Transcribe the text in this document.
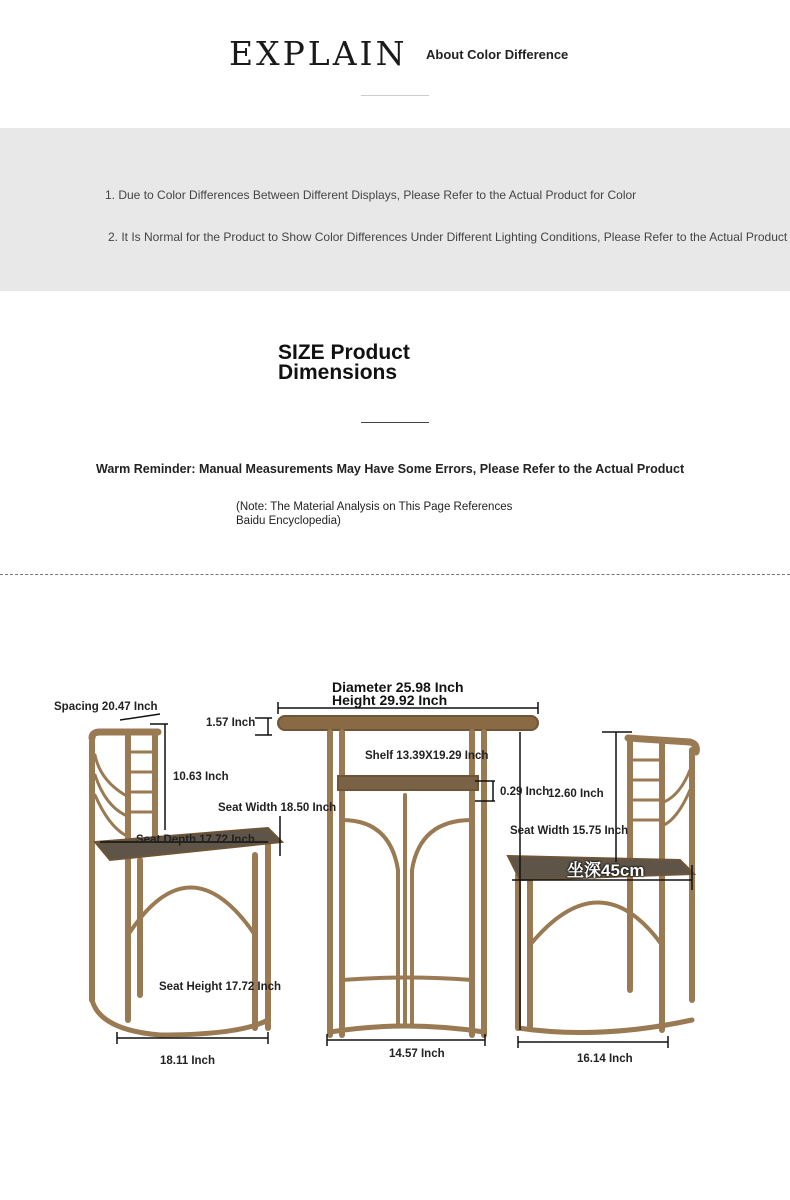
EXPLAIN About Color Difference
1. Due to Color Differences Between Different Displays, Please Refer to the Actual Product for Color
2. It Is Normal for the Product to Show Color Differences Under Different Lighting Conditions, Please Refer to the Actual Product
SIZE Product
Dimensions
Warm Reminder: Manual Measurements May Have Some Errors, Please Refer to the Actual Product
(Note: The Material Analysis on This Page References
Baidu Encyclopedia)
Spacing 20.47 Inch
1.57 Inch
Diameter 25.98 Inch
Height 29.92 Inch
Shelf 13.39X19.29 Inch
0.29 Inch
10.63 Inch
Seat Width 18.50 Inch
Seat Depth 17.72 Inch
Seat Height 17.72 Inch
18.11 Inch
14.57 Inch
12.60 Inch
Seat Width 15.75 Inch
坐深45cm
16.14 Inch
